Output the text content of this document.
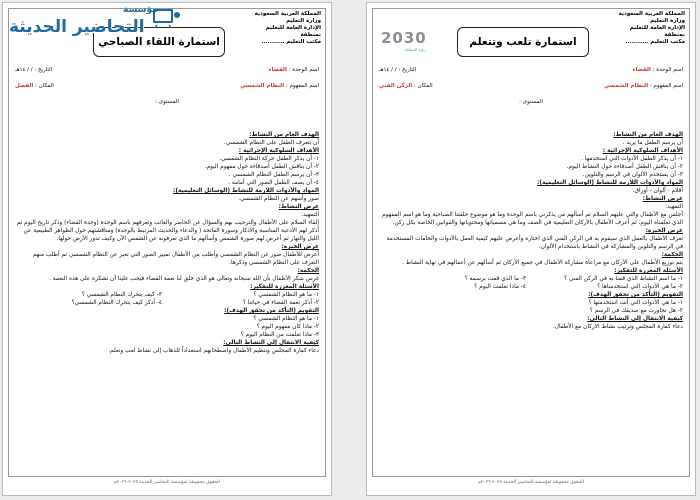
المملكة العربية السعودية
وزارة التعليم
الإدارة العامة للتعليم بمنطقة
مكتب التعليم ...........
استمارة اللقاء الصباحي
اسم الوحدة : القضاء
التاريخ : / / ١٤هـ
اسم المفهوم : النظام الشمسي
المكان : الفصل
المستوى :

الهدف العام من النشاط:

أن يتعرف الطفل على النظام الشمسي.

الأهداف السلوكية الإجرائية :

١- أن يذكر الطفل حركة النظام الشمسي.

٢- أن يناقش الطفل أصدقاءه حول مفهوم اليوم.

٣- أن يرسم الطفل النظام الشمسي .

٤- أن يصف الطفل الصور التي أمامه .

المواد والأدوات اللازمة للنشاط (الوسائل التعليمية):

صور وأسهم عن النظام الشمسي.

عرض النشاط:

التمهيد:

إلقاء السلام على الأطفال والترحيب بهم والسؤال عن الحاضر والغائب وتعرفهم باسم الوحدة (وحدة القضاء) وذكر تاريخ اليوم ثم أذكر لهم الأدعية المناسبة والأذكار وسورة الفاتحة ( والدعاء والحديث المرتبط بالوحدة) ومناقشتهم حول الظواهر الطبيعية عن الليل والنهار ثم أعرض لهم صورة الشمس وأسألهم ما الذي تعرفونه عن الشمس الآن وكيف تدور الأرض حولها.

عرض الخبرة:

أعرض للأطفال صور عن النظام الشمسي وأطلب من الأطفال تمييز الصور التي تعبر عن النظام الشمسي ثم أطلب منهم التعرف على النظام الشمسي وذكرها.

الحكمة:

غرس شكر الأطفال بأن الله سبحانه وتعالى هو الذي خلق لنا نعمة القضاء فيجب علينا أن نشكره على هذه النعمة .

الأسئلة المعززة للتفكير:

١- ما هو النظام الشمسي ؟

٢- أذكر نعمة القضاء في حياتنا ؟

٣- كيف يتحرك النظام الشمسي ؟

٤- أذكر كيف يتحرك النظام الشمسي؟

التقويم (التأكد من تحقق الهدف):

١- ما هو النظام الشمسي ؟

٢- ماذا كان مفهوم اليوم ؟

٣- ماذا تعلمت من النظام اليوم ؟

كيفية الانتقال إلى النشاط التالي:

دعاء كفارة المجلس وتنظيم الأطفال واصطحابهم استعداداً للذهاب إلى نشاط لعب وتعلم.

الحقوق محفوظة لمؤسسة التحاضير الحديثة ٢٠٢٥-٢٠٢٦م
مؤسسة
التحاضير الحديثة
المملكة العربية السعودية
وزارة التعليم
الإدارة العامة للتعليم بمنطقة
مكتب التعليم ...........
استمارة تلعب وتتعلم
2030
رؤية المملكة
اسم الوحدة : القضاء
التاريخ : / / ١٤هـ
اسم المفهوم : النظام الشمسي
المكان : الركن الفني
المستوى :

الهدف العام من النشاط:

أن يرسم الطفل ما يريد .

الأهداف السلوكية الإجرائية :

١- أن يذكر الطفل الأدوات التي استخدمها .

٢- أن يناقش الطفل أصدقاءه حول النشاط اليوم.

٣- أن يستخدم الألوان في الرسم والتلوين.

المواد والأدوات اللازمة للنشاط (الوسائل التعليمية):

أقلام - ألوان - أوراق.

عرض النشاط:

التمهيد:

أجلس مع الأطفال والتي عليهم السلام ثم أسألهم من يذكرني باسم الوحدة وما هو موضوع حلقتنا الصباحية وما هو اسم المفهوم الذي تعلمناه اليوم، ثم أعرف الأطفال بالأركان التعليمية في الصف وما هي مسمياتها ومحتوياتها والقوانين الخاصة بكل ركن.

عرض الخبرة:

تعرف الأطفال بالعمل الذي سيقوم به في الركن الفني الذي اختاره وأعرض عليهم كيفية العمل بالأدوات والخامات المستخدمة في الرسم والتلوين والمشاركة في النشاط باستخدام الألوان.

الحكمة:

يتم توزيع الأطفال على الأركان مع مراعاة مشاركة الأطفال في جميع الأركان ثم أسألهم عن أعمالهم في نهاية النشاط .

الأسئلة المعززة للتفكير:

١- ما اسم النشاط الذي قمنا به في الركن الفني ؟

٢- ما هي الأدوات التي استخدمناها ؟

٣- ما الذي قمت برسمه ؟

٤- ماذا تعلمت اليوم ؟

التقويم (التأكد من تحقق الهدف):

١- ما هي الأدوات التي أنت استخدمتها ؟

٢- هل تحاورت مع صديقك في الرسم ؟

كيفية الانتقال إلى النشاط التالي:

دعاء كفارة المجلس وترتيب نشاط الأركان مع الأطفال.

الحقوق محفوظة لمؤسسة التحاضير الحديثة ٢٠٢٥-٢٠٢٦م
